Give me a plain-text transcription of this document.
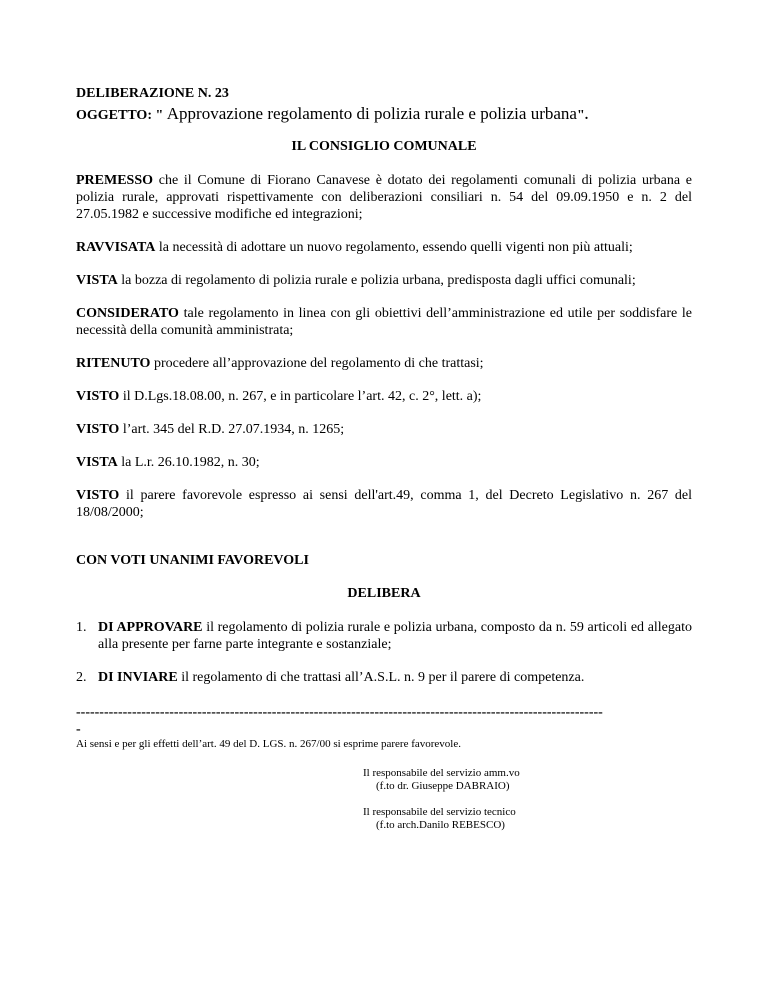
DELIBERAZIONE N. 23
OGGETTO: " Approvazione regolamento di polizia rurale e polizia urbana".
IL CONSIGLIO COMUNALE
PREMESSO che il Comune di Fiorano Canavese è dotato dei regolamenti comunali di polizia urbana e polizia rurale, approvati rispettivamente con deliberazioni consiliari n. 54 del 09.09.1950 e n. 2 del 27.05.1982 e successive modifiche ed integrazioni;
RAVVISATA la necessità di adottare un nuovo regolamento, essendo quelli vigenti non più attuali;
VISTA la bozza di regolamento di polizia rurale e polizia urbana, predisposta dagli uffici comunali;
CONSIDERATO tale regolamento in linea con gli obiettivi dell’amministrazione ed utile per soddisfare le necessità della comunità amministrata;
RITENUTO procedere all’approvazione del regolamento di che trattasi;
VISTO il D.Lgs.18.08.00, n. 267, e in particolare l’art. 42, c. 2°, lett. a);
VISTO l’art. 345 del R.D. 27.07.1934, n. 1265;
VISTA la L.r. 26.10.1982, n. 30;
VISTO il parere favorevole espresso ai sensi dell'art.49, comma 1, del Decreto Legislativo n. 267 del 18/08/2000;
CON VOTI UNANIMI FAVOREVOLI
DELIBERA
1. DI APPROVARE il regolamento di polizia rurale e polizia urbana, composto da n. 59 articoli ed allegato alla presente per farne parte integrante e sostanziale;
2. DI INVIARE il regolamento di che trattasi all’A.S.L. n. 9 per il parere di competenza.
-----------------------------------------------------------------------------------------------------------------
-
Ai sensi e per gli effetti dell’art. 49 del D. LGS. n. 267/00 si esprime parere favorevole.
Il responsabile del servizio amm.vo
(f.to dr. Giuseppe DABRAIO)
Il responsabile del servizio tecnico
(f.to arch.Danilo REBESCO)
